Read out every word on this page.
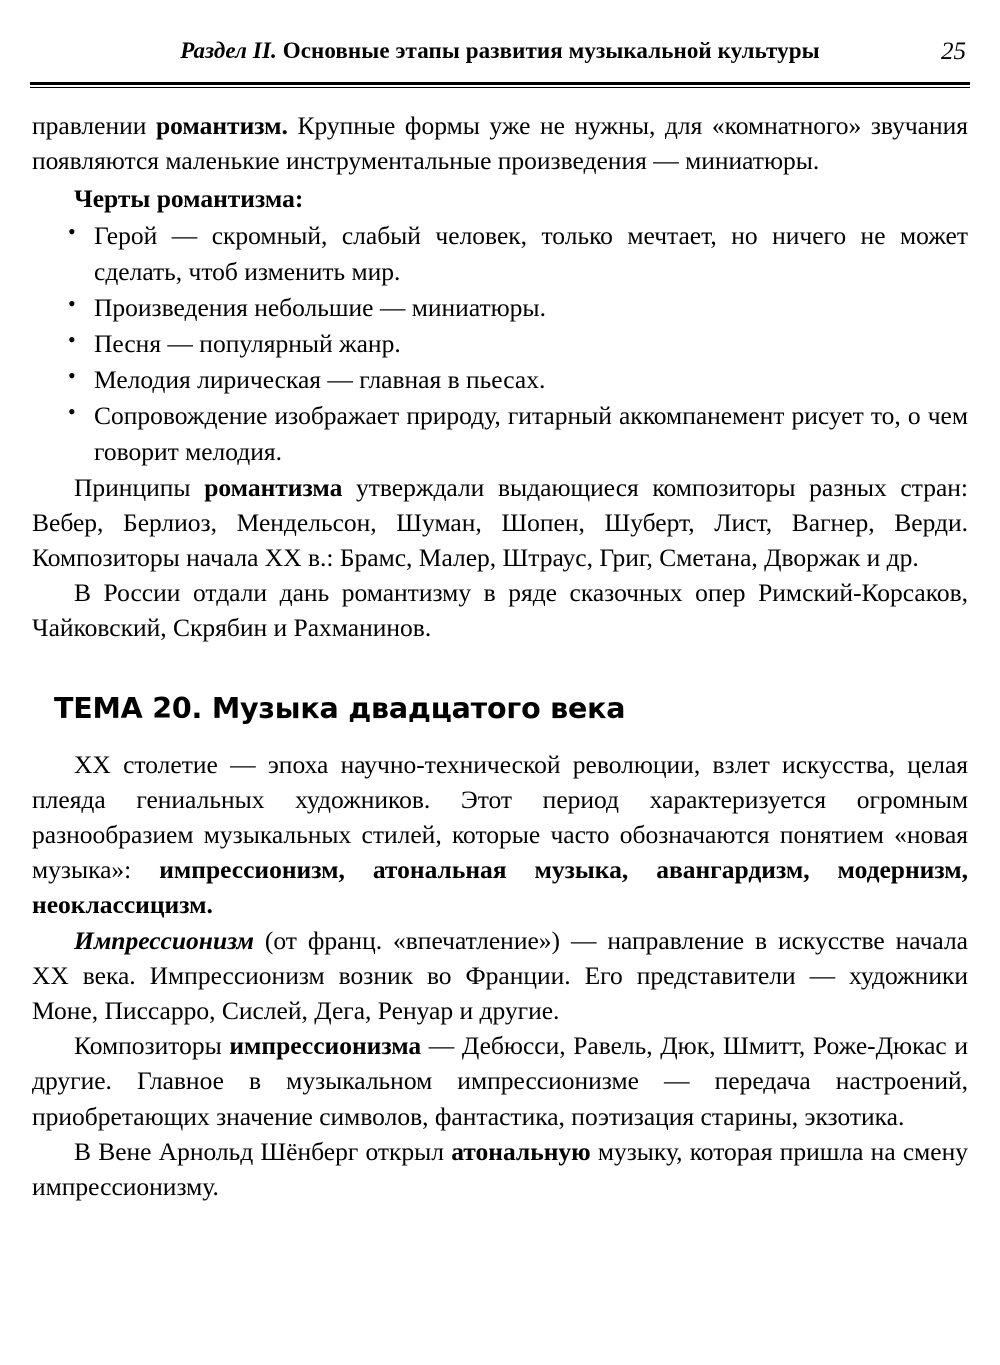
Раздел II. Основные этапы развития музыкальной культуры	25

правлении романтизм. Крупные формы уже не нужны, для «комнатного» звучания появляются маленькие инструментальные произведения — миниатюры.

Черты романтизма:
• Герой — скромный, слабый человек, только мечтает, но ничего не может сделать, чтоб изменить мир.
• Произведения небольшие — миниатюры.
• Песня — популярный жанр.
• Мелодия лирическая — главная в пьесах.
• Сопровождение изображает природу, гитарный аккомпанемент рисует то, о чем говорит мелодия.

Принципы романтизма утверждали выдающиеся композиторы разных стран: Вебер, Берлиоз, Мендельсон, Шуман, Шопен, Шуберт, Лист, Вагнер, Верди. Композиторы начала XX в.: Брамс, Малер, Штраус, Григ, Сметана, Дворжак и др.

В России отдали дань романтизму в ряде сказочных опер Римский-Корсаков, Чайковский, Скрябин и Рахманинов.

ТЕМА 20. Музыка двадцатого века

XX столетие — эпоха научно-технической революции, взлет искусства, целая плеяда гениальных художников. Этот период характеризуется огромным разнообразием музыкальных стилей, которые часто обозначаются понятием «новая музыка»: импрессионизм, атональная музыка, авангардизм, модернизм, неоклассицизм.

Импрессионизм (от франц. «впечатление») — направление в искусстве начала XX века. Импрессионизм возник во Франции. Его представители — художники Моне, Писсарро, Сислей, Дега, Ренуар и другие.

Композиторы импрессионизма — Дебюсси, Равель, Дюк, Шмитт, Роже-Дюкас и другие. Главное в музыкальном импрессионизме — передача настроений, приобретающих значение символов, фантастика, поэтизация старины, экзотика.

В Вене Арнольд Шёнберг открыл атональную музыку, которая пришла на смену импрессионизму.
